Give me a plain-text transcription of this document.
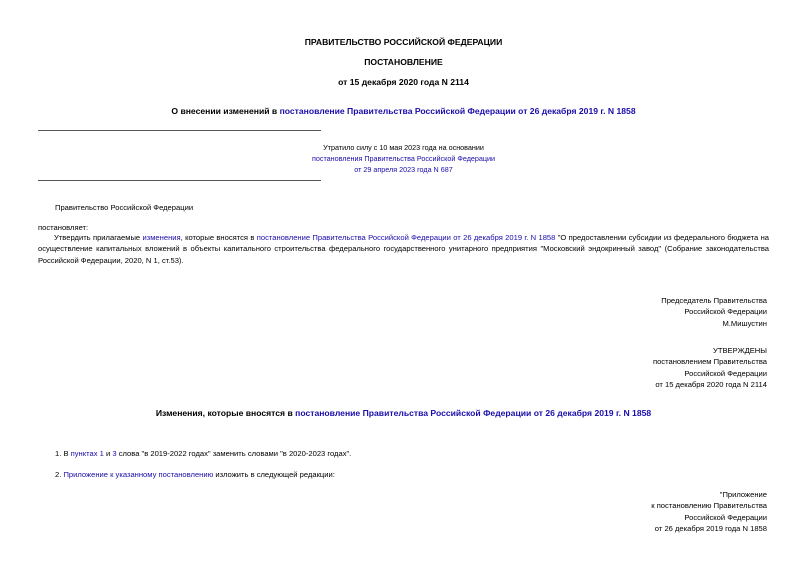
ПРАВИТЕЛЬСТВО РОССИЙСКОЙ ФЕДЕРАЦИИ
ПОСТАНОВЛЕНИЕ
от 15 декабря 2020 года N 2114
О внесении изменений в постановление Правительства Российской Федерации от 26 декабря 2019 г. N 1858
Утратило силу с 10 мая 2023 года на основании
постановления Правительства Российской Федерации
от 29 апреля 2023 года N 687
Правительство Российской Федерации
постановляет:
Утвердить прилагаемые изменения, которые вносятся в постановление Правительства Российской Федерации от 26 декабря 2019 г. N 1858 "О предоставлении субсидии из федерального бюджета на осуществление капитальных вложений в объекты капитального строительства федерального государственного унитарного предприятия "Московский эндокринный завод" (Собрание законодательства Российской Федерации, 2020, N 1, ст.53).
Председатель Правительства
Российской Федерации
М.Мишустин
УТВЕРЖДЕНЫ
постановлением Правительства
Российской Федерации
от 15 декабря 2020 года N 2114
Изменения, которые вносятся в постановление Правительства Российской Федерации от 26 декабря 2019 г. N 1858
1. В пунктах 1 и 3 слова "в 2019-2022 годах" заменить словами "в 2020-2023 годах".
2. Приложение к указанному постановлению изложить в следующей редакции:
"Приложение
к постановлению Правительства
Российской Федерации
от 26 декабря 2019 года N 1858
